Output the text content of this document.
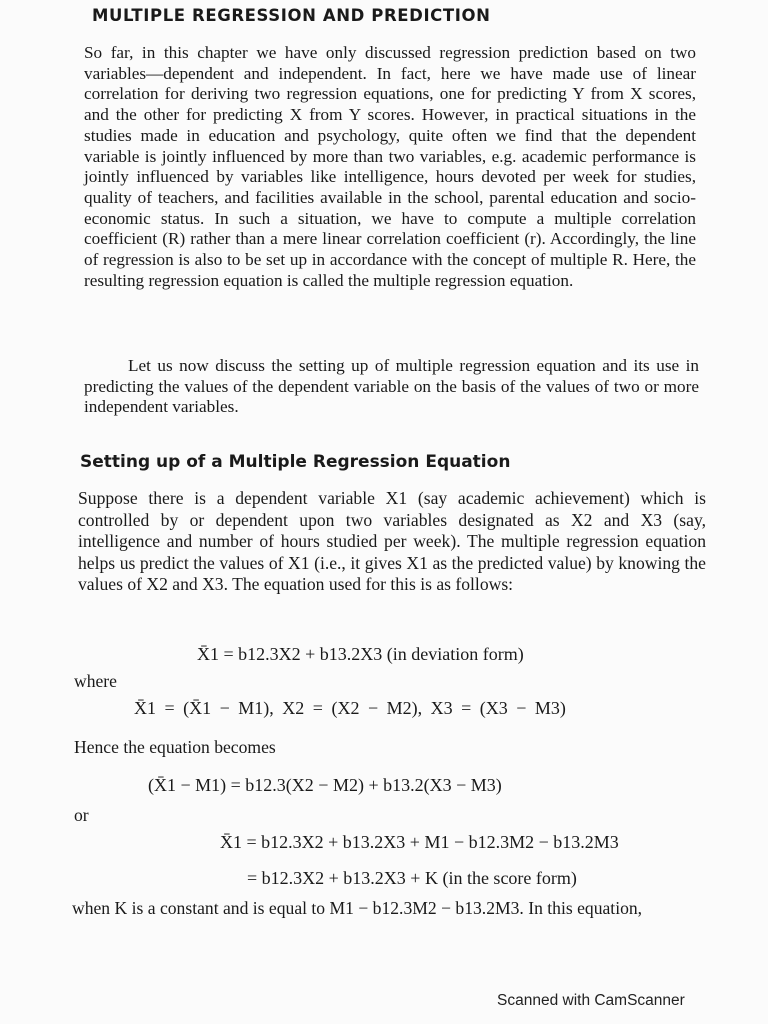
MULTIPLE REGRESSION AND PREDICTION

So far, in this chapter we have only discussed regression prediction based on two variables—dependent and independent. In fact, here we have made use of linear correlation for deriving two regression equations, one for predicting Y from X scores, and the other for predicting X from Y scores. However, in practical situations in the studies made in education and psychology, quite often we find that the dependent variable is jointly influenced by more than two variables, e.g. academic performance is jointly influenced by variables like intelligence, hours devoted per week for studies, quality of teachers, and facilities available in the school, parental education and socio-economic status. In such a situation, we have to compute a multiple correlation coefficient (R) rather than a mere linear correlation coefficient (r). Accordingly, the line of regression is also to be set up in accordance with the concept of multiple R. Here, the resulting regression equation is called the multiple regression equation.

Let us now discuss the setting up of multiple regression equation and its use in predicting the values of the dependent variable on the basis of the values of two or more independent variables.

Setting up of a Multiple Regression Equation

Suppose there is a dependent variable X1 (say academic achievement) which is controlled by or dependent upon two variables designated as X2 and X3 (say, intelligence and number of hours studied per week). The multiple regression equation helps us predict the values of X1 (i.e., it gives X1 as the predicted value) by knowing the values of X2 and X3. The equation used for this is as follows:

X̄1 = b12.3X2 + b13.2X3 (in deviation form)
where
X̄1 = (X̄1 − M1), X2 = (X2 − M2), X3 = (X3 − M3)
Hence the equation becomes
(X̄1 − M1) = b12.3(X2 − M2) + b13.2(X3 − M3)
or
X̄1 = b12.3X2 + b13.2X3 + M1 − b12.3M2 − b13.2M3
= b12.3X2 + b13.2X3 + K (in the score form)

when K is a constant and is equal to M1 − b12.3M2 − b13.2M3. In this equation,

Scanned with CamScanner
